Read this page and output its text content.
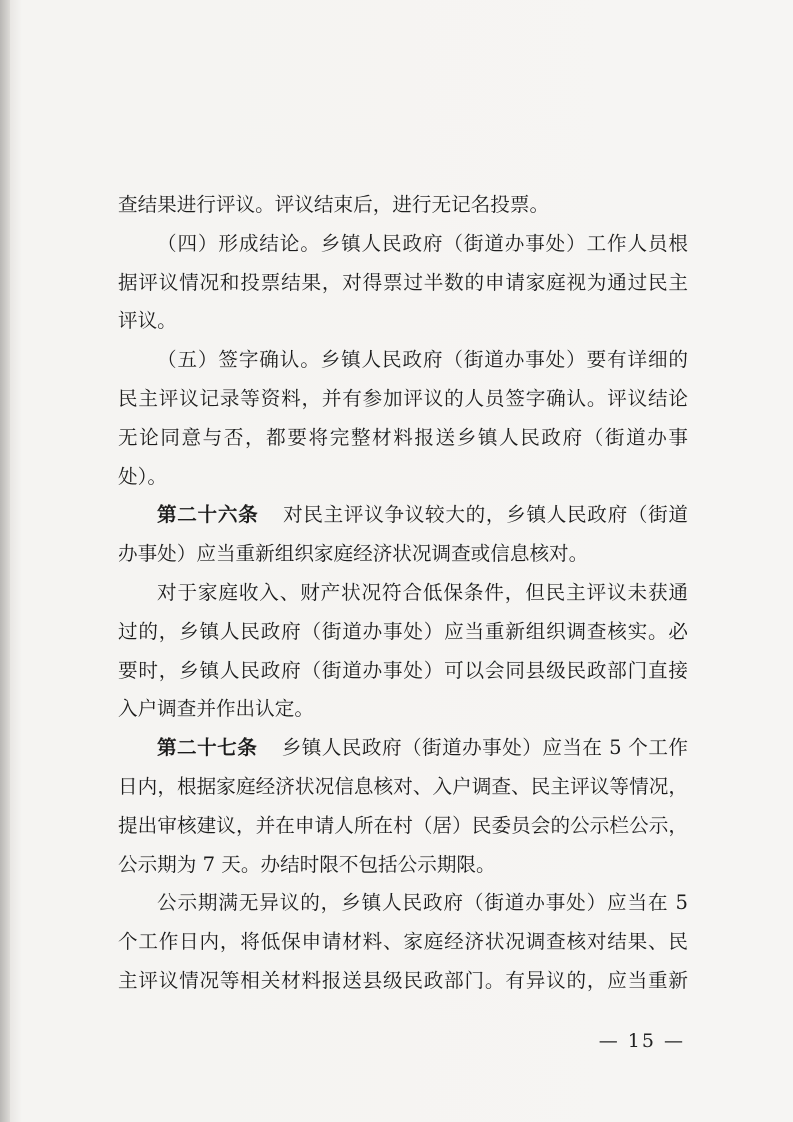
查结果进行评议。评议结束后，进行无记名投票。
（四）形成结论。乡镇人民政府（街道办事处）工作人员根
据评议情况和投票结果，对得票过半数的申请家庭视为通过民主
评议。
（五）签字确认。乡镇人民政府（街道办事处）要有详细的
民主评议记录等资料，并有参加评议的人员签字确认。评议结论
无论同意与否，都要将完整材料报送乡镇人民政府（街道办事
处）。
第二十六条 对民主评议争议较大的，乡镇人民政府（街道
办事处）应当重新组织家庭经济状况调查或信息核对。
对于家庭收入、财产状况符合低保条件，但民主评议未获通
过的，乡镇人民政府（街道办事处）应当重新组织调查核实。必
要时，乡镇人民政府（街道办事处）可以会同县级民政部门直接
入户调查并作出认定。
第二十七条 乡镇人民政府（街道办事处）应当在 5 个工作
日内，根据家庭经济状况信息核对、入户调查、民主评议等情况，
提出审核建议，并在申请人所在村（居）民委员会的公示栏公示，
公示期为 7 天。办结时限不包括公示期限。
公示期满无异议的，乡镇人民政府（街道办事处）应当在 5
个工作日内，将低保申请材料、家庭经济状况调查核对结果、民
主评议情况等相关材料报送县级民政部门。有异议的，应当重新
— 15 —
